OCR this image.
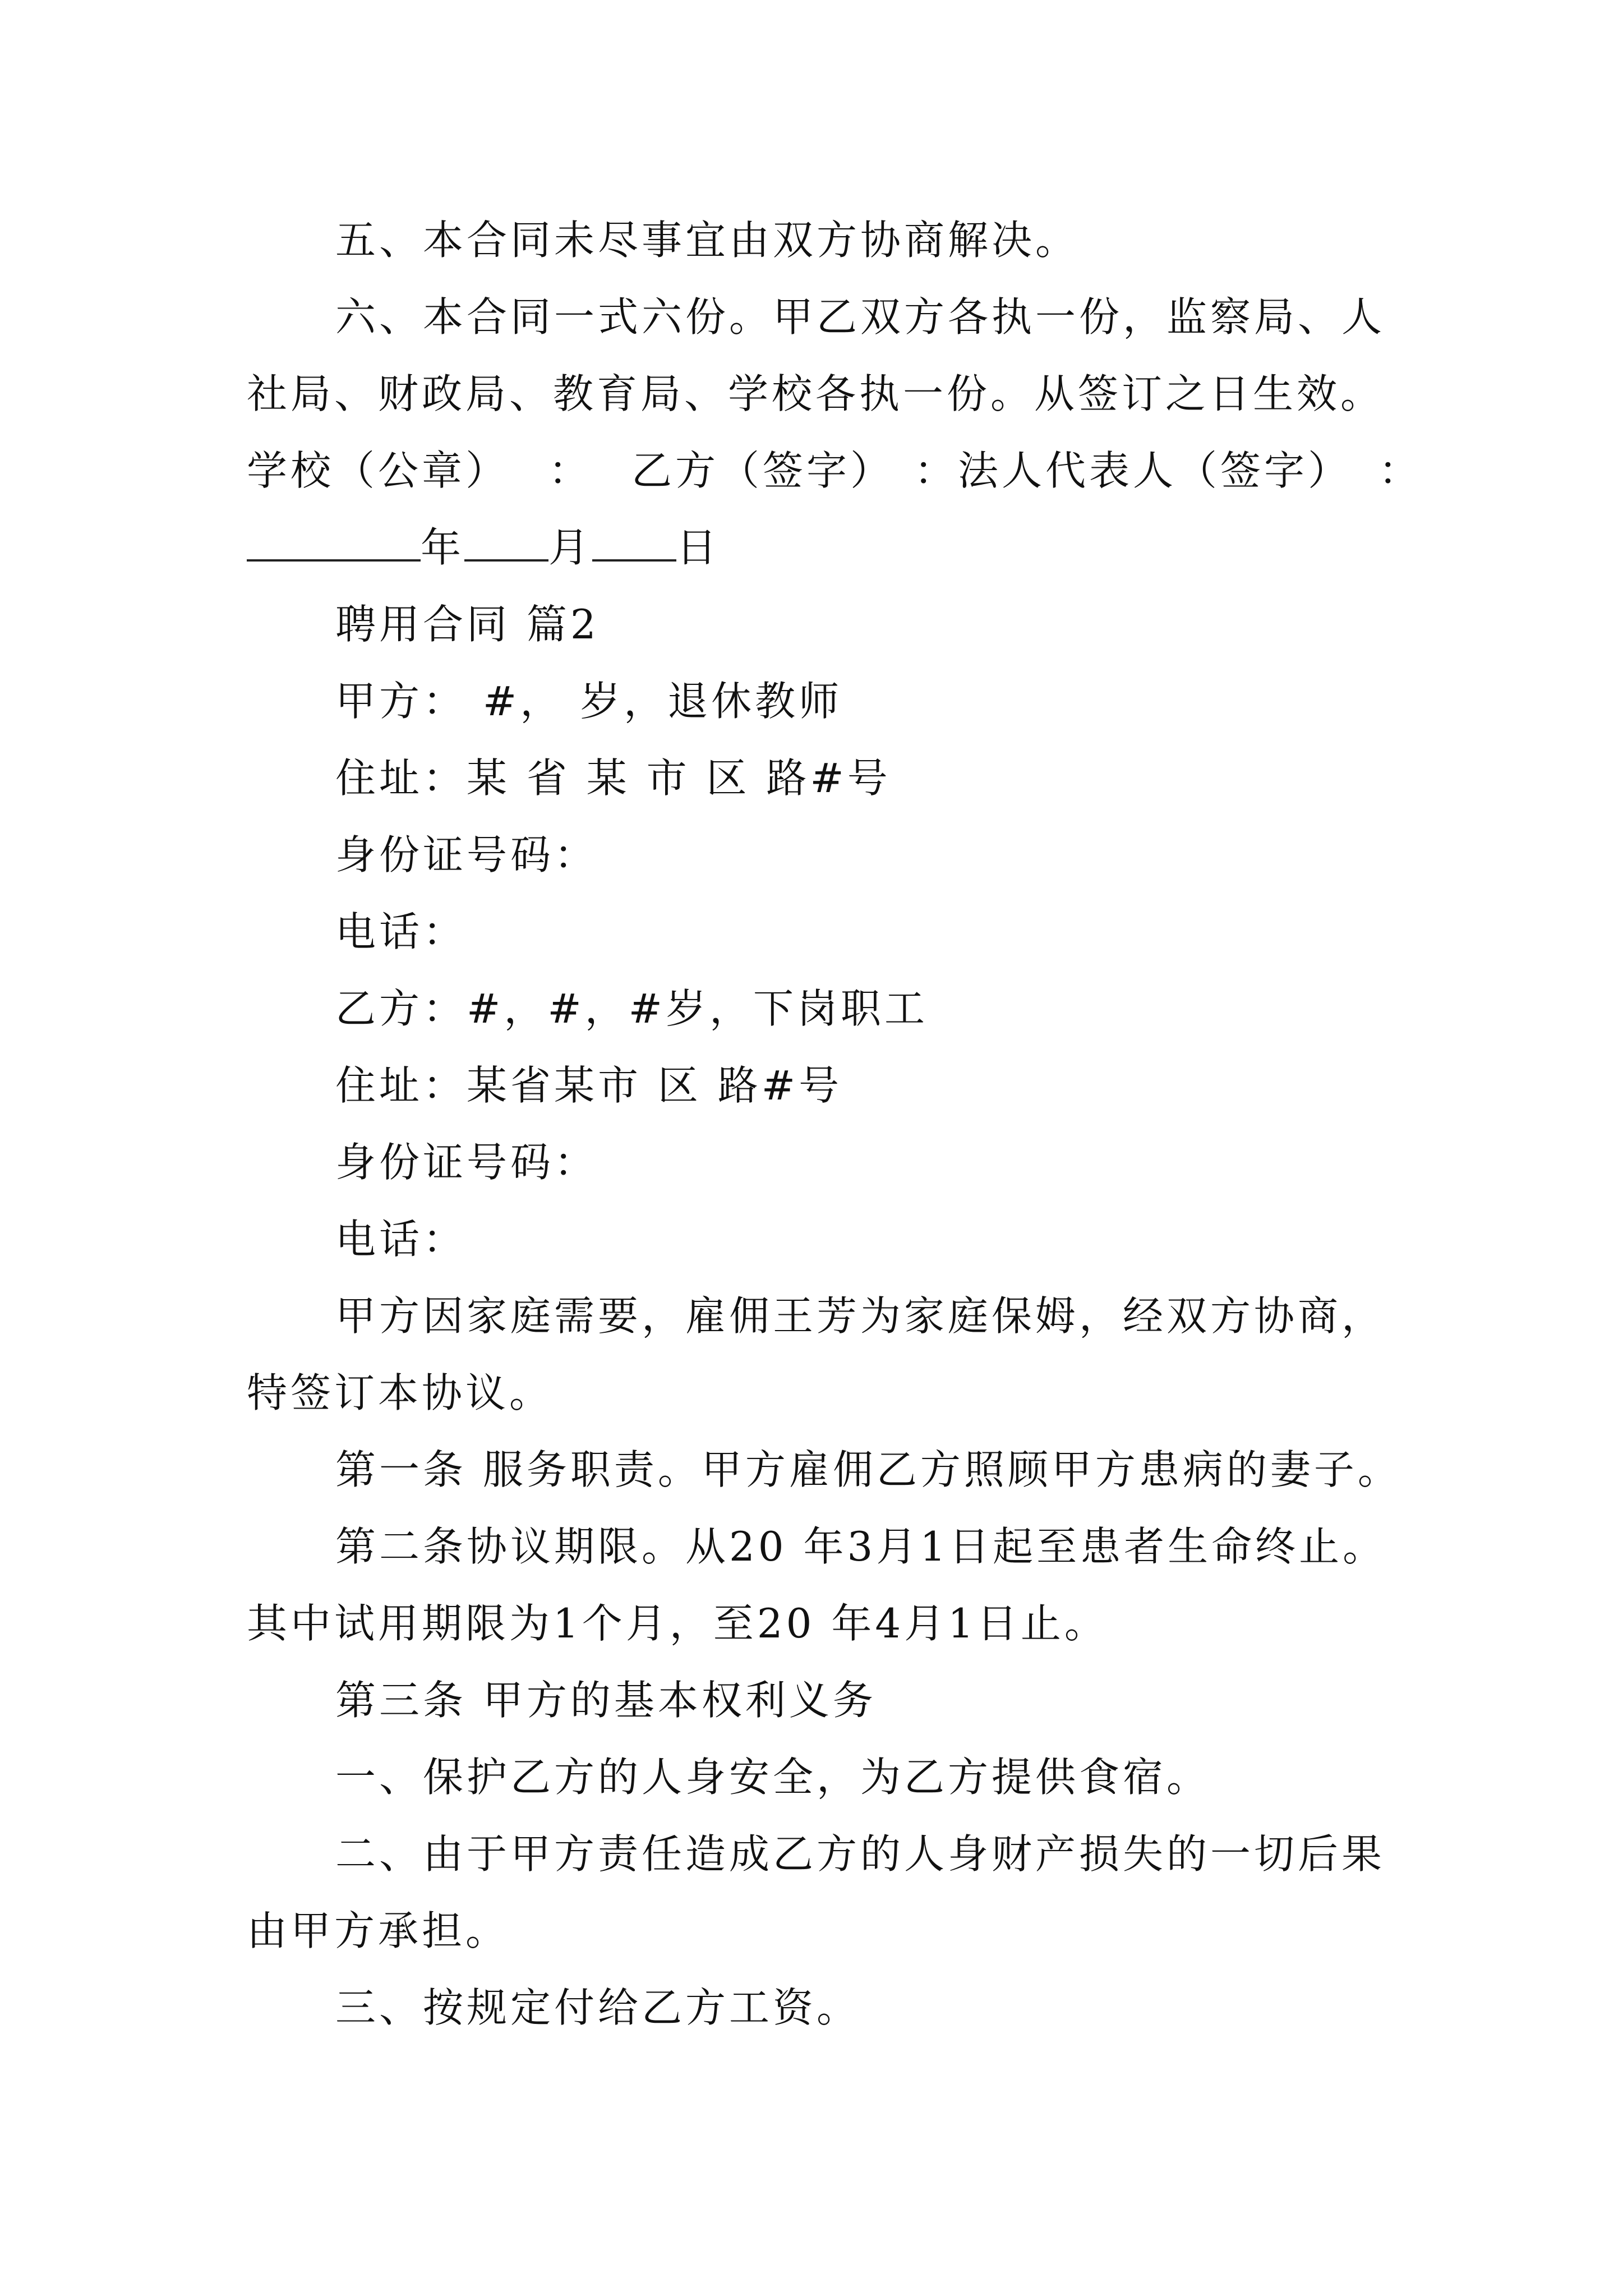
五、本合同未尽事宜由双方协商解决。
六、本合同一式六份。甲乙双方各执一份，监察局、人
社局、财政局、教育局、学校各执一份。从签订之日生效。
学校（公章） ： 乙方（签字） ：法人代表人（签字） ：
年 月 日
聘用合同 篇2
甲方： #， 岁，退休教师
住址：某 省 某 市 区 路#号
身份证号码：
电话：
乙方：#，#，#岁，下岗职工
住址：某省某市 区 路#号
身份证号码：
电话：
甲方因家庭需要，雇佣王芳为家庭保姆，经双方协商，
特签订本协议。
第一条 服务职责。甲方雇佣乙方照顾甲方患病的妻子。
第二条协议期限。从20 年3月1日起至患者生命终止。
其中试用期限为1个月，至20 年4月1日止。
第三条 甲方的基本权利义务
一、保护乙方的人身安全，为乙方提供食宿。
二、由于甲方责任造成乙方的人身财产损失的一切后果
由甲方承担。
三、按规定付给乙方工资。
